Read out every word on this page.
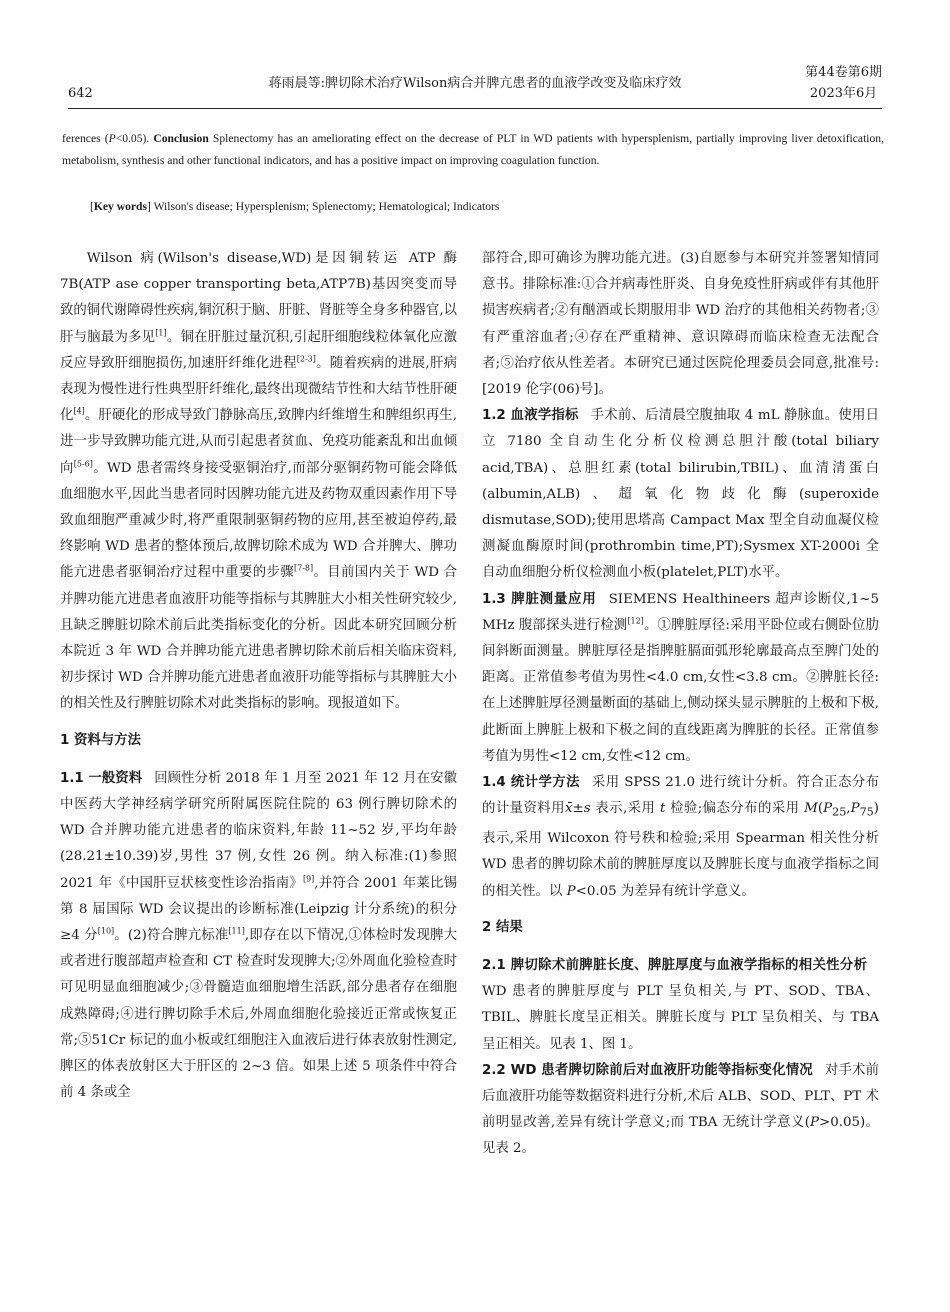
642
蒋雨晨等:脾切除术治疗Wilson病合并脾亢患者的血液学改变及临床疗效
第44卷第6期
2023年6月
ferences (P<0.05). Conclusion Splenectomy has an ameliorating effect on the decrease of PLT in WD patients with hypersplenism, partially improving liver detoxification, metabolism, synthesis and other functional indicators, and has a positive impact on improving coagulation function.
[Key words] Wilson's disease; Hypersplenism; Splenectomy; Hematological; Indicators

Wilson 病(Wilson's disease,WD)是因铜转运 ATP 酶 7B(ATP ase copper transporting beta,ATP7B)基因突变而导致的铜代谢障碍性疾病,铜沉积于脑、肝脏、肾脏等全身多种器官,以肝与脑最为多见[1]。铜在肝脏过量沉积,引起肝细胞线粒体氧化应激反应导致肝细胞损伤,加速肝纤维化进程[2-3]。随着疾病的进展,肝病表现为慢性进行性典型肝纤维化,最终出现微结节性和大结节性肝硬化[4]。肝硬化的形成导致门静脉高压,致脾内纤维增生和脾组织再生,进一步导致脾功能亢进,从而引起患者贫血、免疫功能紊乱和出血倾向[5-6]。WD 患者需终身接受驱铜治疗,而部分驱铜药物可能会降低血细胞水平,因此当患者同时因脾功能亢进及药物双重因素作用下导致血细胞严重减少时,将严重限制驱铜药物的应用,甚至被迫停药,最终影响 WD 患者的整体预后,故脾切除术成为 WD 合并脾大、脾功能亢进患者驱铜治疗过程中重要的步骤[7-8]。目前国内关于 WD 合并脾功能亢进患者血液肝功能等指标与其脾脏大小相关性研究较少,且缺乏脾脏切除术前后此类指标变化的分析。因此本研究回顾分析本院近 3 年 WD 合并脾功能亢进患者脾切除术前后相关临床资料,初步探讨 WD 合并脾功能亢进患者血液肝功能等指标与其脾脏大小的相关性及行脾脏切除术对此类指标的影响。现报道如下。

1 资料与方法

1.1 一般资料 回顾性分析 2018 年 1 月至 2021 年 12 月在安徽中医药大学神经病学研究所附属医院住院的 63 例行脾切除术的 WD 合并脾功能亢进患者的临床资料,年龄 11~52 岁,平均年龄(28.21±10.39)岁,男性 37 例,女性 26 例。纳入标准:(1)参照 2021 年《中国肝豆状核变性诊治指南》[9],并符合 2001 年莱比锡第 8 届国际 WD 会议提出的诊断标准(Leipzig 计分系统)的积分≥4 分[10]。(2)符合脾亢标准[11],即存在以下情况,①体检时发现脾大或者进行腹部超声检查和 CT 检查时发现脾大;②外周血化验检查时可见明显血细胞减少;③骨髓造血细胞增生活跃,部分患者存在细胞成熟障碍;④进行脾切除手术后,外周血细胞化验接近正常或恢复正常;⑤51Cr 标记的血小板或红细胞注入血液后进行体表放射性测定,脾区的体表放射区大于肝区的 2~3 倍。如果上述 5 项条件中符合前 4 条或全

部符合,即可确诊为脾功能亢进。(3)自愿参与本研究并签署知情同意书。排除标准:①合并病毒性肝炎、自身免疫性肝病或伴有其他肝损害疾病者;②有酗酒或长期服用非 WD 治疗的其他相关药物者;③有严重溶血者;④存在严重精神、意识障碍而临床检查无法配合者;⑤治疗依从性差者。本研究已通过医院伦理委员会同意,批准号:[2019 伦字(06)号]。

1.2 血液学指标 手术前、后清晨空腹抽取 4 mL 静脉血。使用日立 7180 全自动生化分析仪检测总胆汁酸(total biliary acid,TBA)、总胆红素(total bilirubin,TBIL)、血清清蛋白(albumin,ALB)、超氧化物歧化酶(superoxide dismutase,SOD);使用思塔高 Campact Max 型全自动血凝仪检测凝血酶原时间(prothrombin time,PT);Sysmex XT-2000i 全自动血细胞分析仪检测血小板(platelet,PLT)水平。

1.3 脾脏测量应用 SIEMENS Healthineers 超声诊断仪,1~5 MHz 腹部探头进行检测[12]。①脾脏厚径:采用平卧位或右侧卧位肋间斜断面测量。脾脏厚径是指脾脏膈面弧形轮廓最高点至脾门处的距离。正常值参考值为男性<4.0 cm,女性<3.8 cm。②脾脏长径:在上述脾脏厚径测量断面的基础上,侧动探头显示脾脏的上极和下极,此断面上脾脏上极和下极之间的直线距离为脾脏的长径。正常值参考值为男性<12 cm,女性<12 cm。

1.4 统计学方法 采用 SPSS 21.0 进行统计分析。符合正态分布的计量资料用x̄±s 表示,采用 t 检验;偏态分布的采用 $M(P_{25},P_{75})$表示,采用 Wilcoxon 符号秩和检验;采用 Spearman 相关性分析 WD 患者的脾切除术前的脾脏厚度以及脾脏长度与血液学指标之间的相关性。以 P<0.05 为差异有统计学意义。

2 结果

2.1 脾切除术前脾脏长度、脾脏厚度与血液学指标的相关性分析WD 患者的脾脏厚度与 PLT 呈负相关,与 PT、SOD、TBA、TBIL、脾脏长度呈正相关。脾脏长度与 PLT 呈负相关、与 TBA 呈正相关。见表 1、图 1。

2.2 WD 患者脾切除前后对血液肝功能等指标变化情况 对手术前后血液肝功能等数据资料进行分析,术后 ALB、SOD、PLT、PT 术前明显改善,差异有统计学意义;而 TBA 无统计学意义(P>0.05)。见表 2。
